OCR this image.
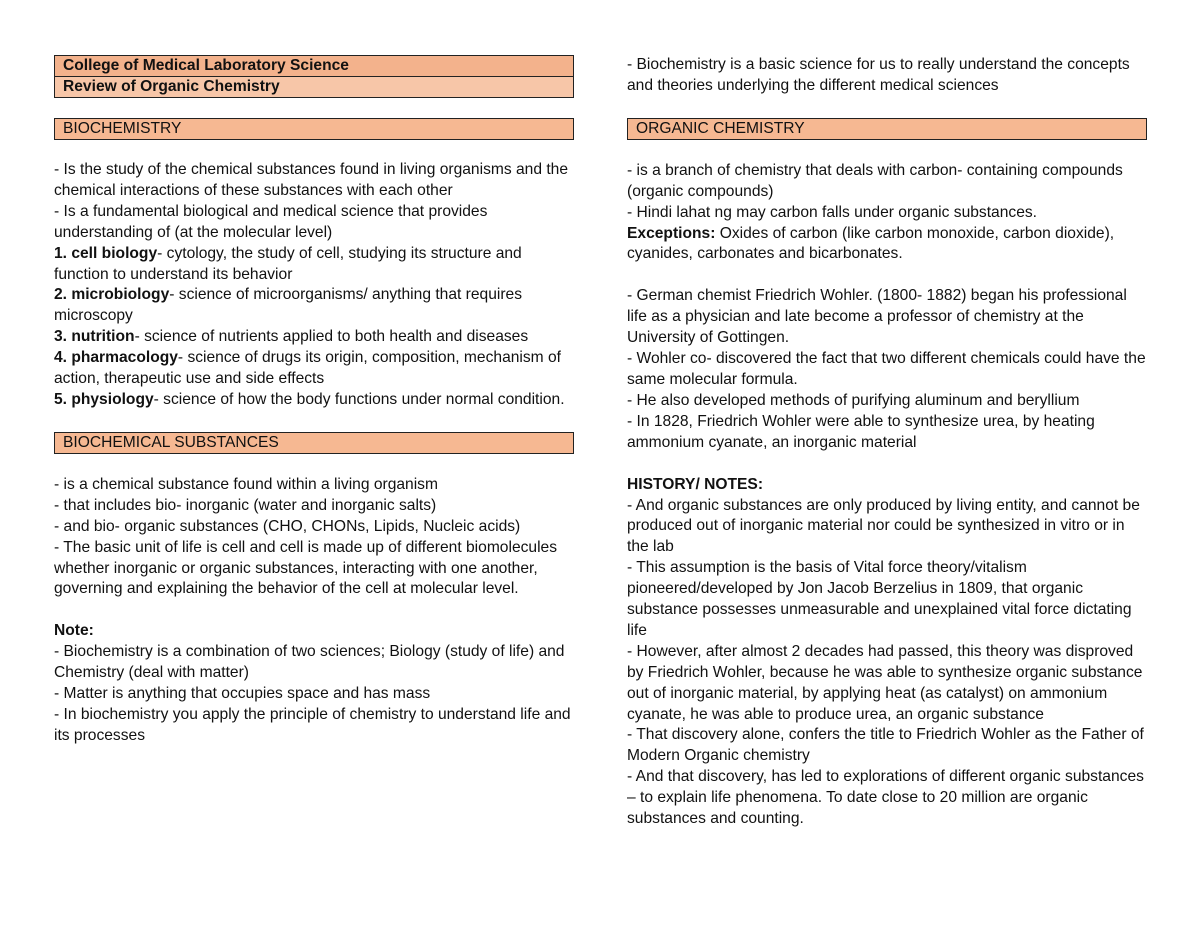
College of Medical Laboratory Science
Review of Organic Chemistry
BIOCHEMISTRY

- Is the study of the chemical substances found in living organisms and the chemical interactions of these substances with each other

- Is a fundamental biological and medical science that provides understanding of (at the molecular level)

1. cell biology- cytology, the study of cell, studying its structure and function to understand its behavior

2. microbiology- science of microorganisms/ anything that requires microscopy

3. nutrition- science of nutrients applied to both health and diseases

4. pharmacology- science of drugs its origin, composition, mechanism of action, therapeutic use and side effects

5. physiology- science of how the body functions under normal condition.

BIOCHEMICAL SUBSTANCES

- is a chemical substance found within a living organism

- that includes bio- inorganic (water and inorganic salts)

- and bio- organic substances (CHO, CHONs, Lipids, Nucleic acids)

- The basic unit of life is cell and cell is made up of different biomolecules whether inorganic or organic substances, interacting with one another, governing and explaining the behavior of the cell at molecular level.

Note:

- Biochemistry is a combination of two sciences; Biology (study of life) and Chemistry (deal with matter)

- Matter is anything that occupies space and has mass

- In biochemistry you apply the principle of chemistry to understand life and its processes

- Biochemistry is a basic science for us to really understand the concepts and theories underlying the different medical sciences

ORGANIC CHEMISTRY

- is a branch of chemistry that deals with carbon- containing compounds (organic compounds)

- Hindi lahat ng may carbon falls under organic substances.

Exceptions: Oxides of carbon (like carbon monoxide, carbon dioxide), cyanides, carbonates and bicarbonates.

- German chemist Friedrich Wohler. (1800- 1882) began his professional life as a physician and late become a professor of chemistry at the University of Gottingen.

- Wohler co- discovered the fact that two different chemicals could have the same molecular formula.

- He also developed methods of purifying aluminum and beryllium

- In 1828, Friedrich Wohler were able to synthesize urea, by heating ammonium cyanate, an inorganic material

HISTORY/ NOTES:

- And organic substances are only produced by living entity, and cannot be produced out of inorganic material nor could be synthesized in vitro or in the lab

- This assumption is the basis of Vital force theory/vitalism pioneered/developed by Jon Jacob Berzelius in 1809, that organic substance possesses unmeasurable and unexplained vital force dictating life

- However, after almost 2 decades had passed, this theory was disproved by Friedrich Wohler, because he was able to synthesize organic substance out of inorganic material, by applying heat (as catalyst) on ammonium cyanate, he was able to produce urea, an organic substance

- That discovery alone, confers the title to Friedrich Wohler as the Father of Modern Organic chemistry

- And that discovery, has led to explorations of different organic substances – to explain life phenomena. To date close to 20 million are organic substances and counting.
